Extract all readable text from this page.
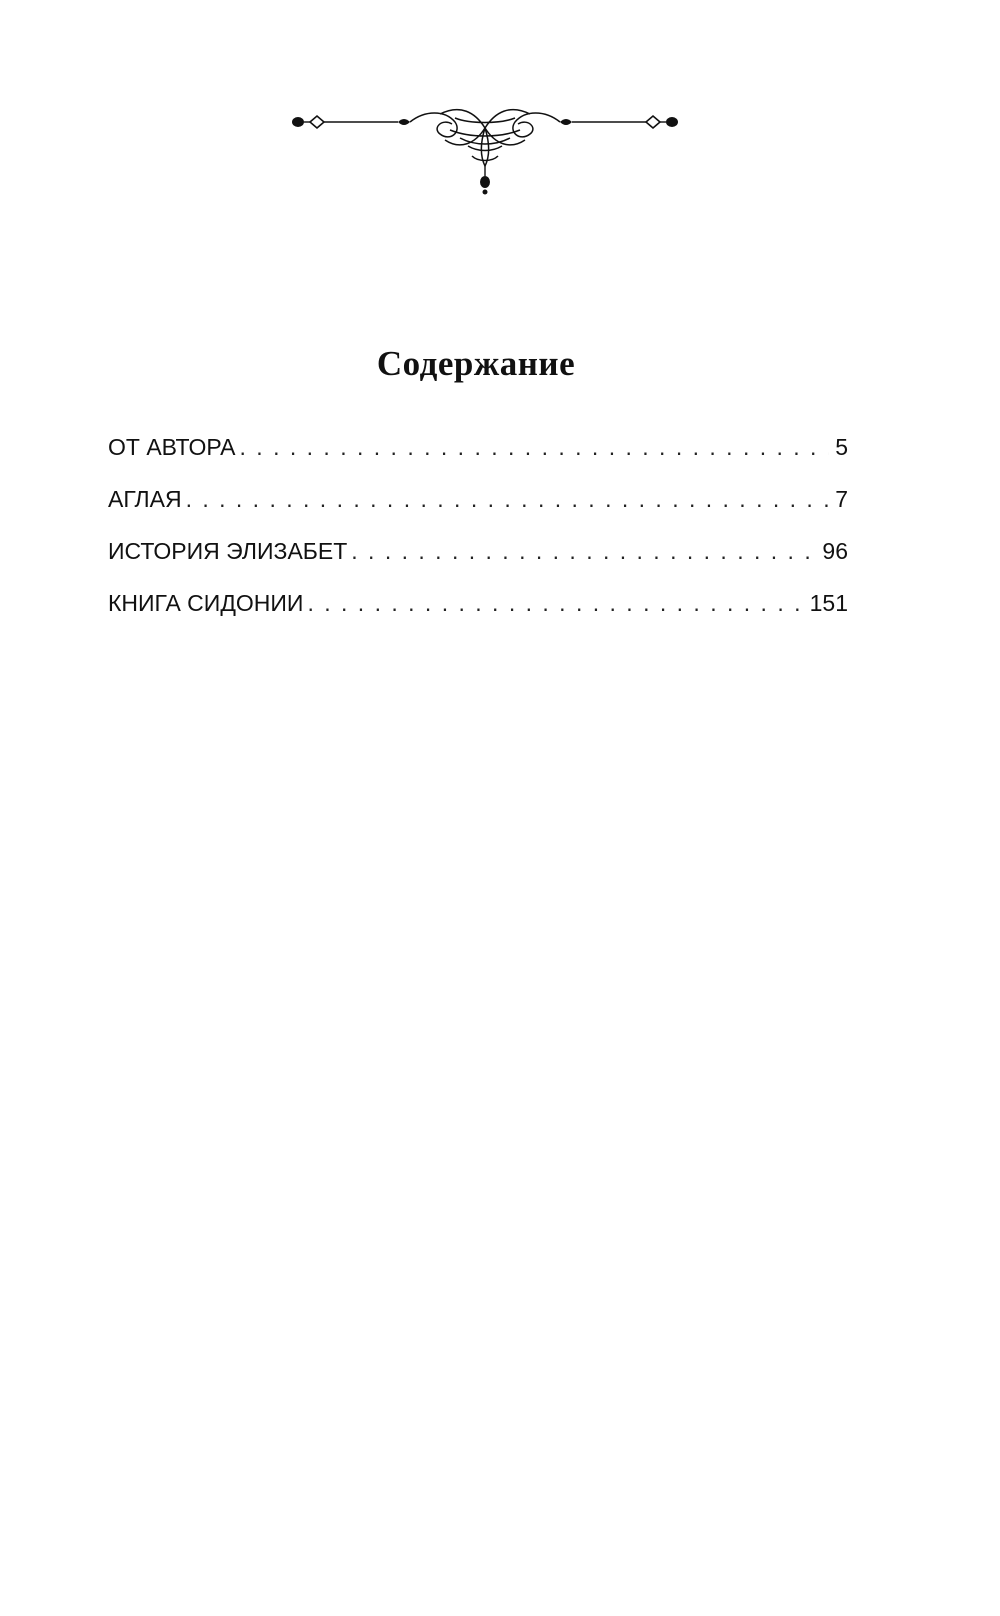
Содержание
ОТ АВТОРА . . .	5
АГЛАЯ . . .	7
ИСТОРИЯ ЭЛИЗАБЕТ . . .	96
КНИГА СИДОНИИ . . .	151
